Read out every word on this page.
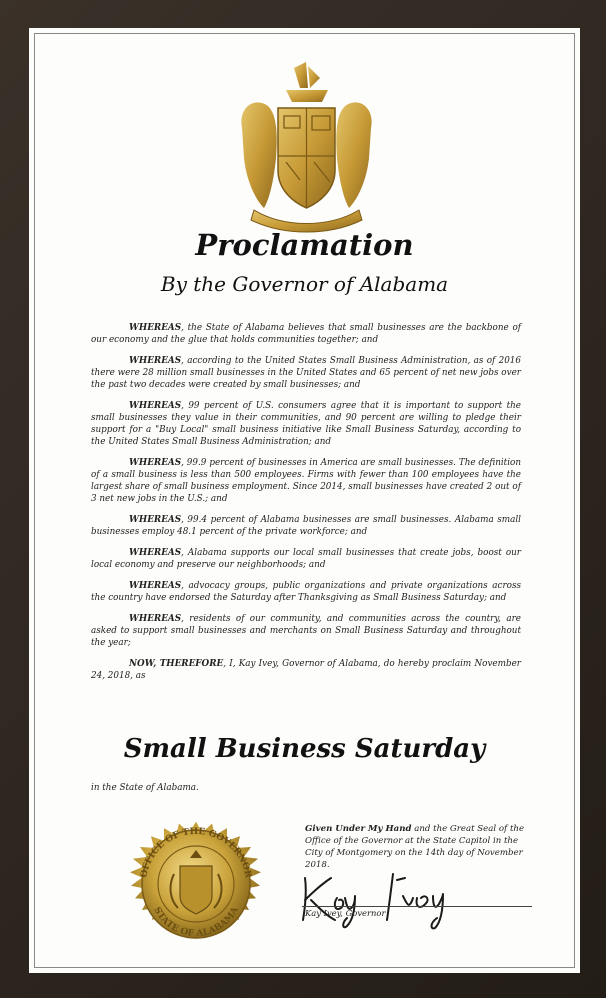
Proclamation
By the Governor of Alabama

WHEREAS, the State of Alabama believes that small businesses are the backbone of our economy and the glue that holds communities together; and

WHEREAS, according to the United States Small Business Administration, as of 2016 there were 28 million small businesses in the United States and 65 percent of net new jobs over the past two decades were created by small businesses; and

WHEREAS, 99 percent of U.S. consumers agree that it is important to support the small businesses they value in their communities, and 90 percent are willing to pledge their support for a "Buy Local" small business initiative like Small Business Saturday, according to the United States Small Business Administration; and

WHEREAS, 99.9 percent of businesses in America are small businesses. The definition of a small business is less than 500 employees. Firms with fewer than 100 employees have the largest share of small business employment. Since 2014, small businesses have created 2 out of 3 net new jobs in the U.S.; and

WHEREAS, 99.4 percent of Alabama businesses are small businesses. Alabama small businesses employ 48.1 percent of the private workforce; and

WHEREAS, Alabama supports our local small businesses that create jobs, boost our local economy and preserve our neighborhoods; and

WHEREAS, advocacy groups, public organizations and private organizations across the country have endorsed the Saturday after Thanksgiving as Small Business Saturday; and

WHEREAS, residents of our community, and communities across the country, are asked to support small businesses and merchants on Small Business Saturday and throughout the year;

NOW, THEREFORE, I, Kay Ivey, Governor of Alabama, do hereby proclaim November 24, 2018, as

Small Business Saturday
in the State of Alabama.
OFFICE OF THE GOVERNOR
STATE OF ALABAMA
Given Under My Hand and the Great Seal of the Office of the Governor at the State Capitol in the City of Montgomery on the 14th day of November 2018.
Kay Ivey, Governor
